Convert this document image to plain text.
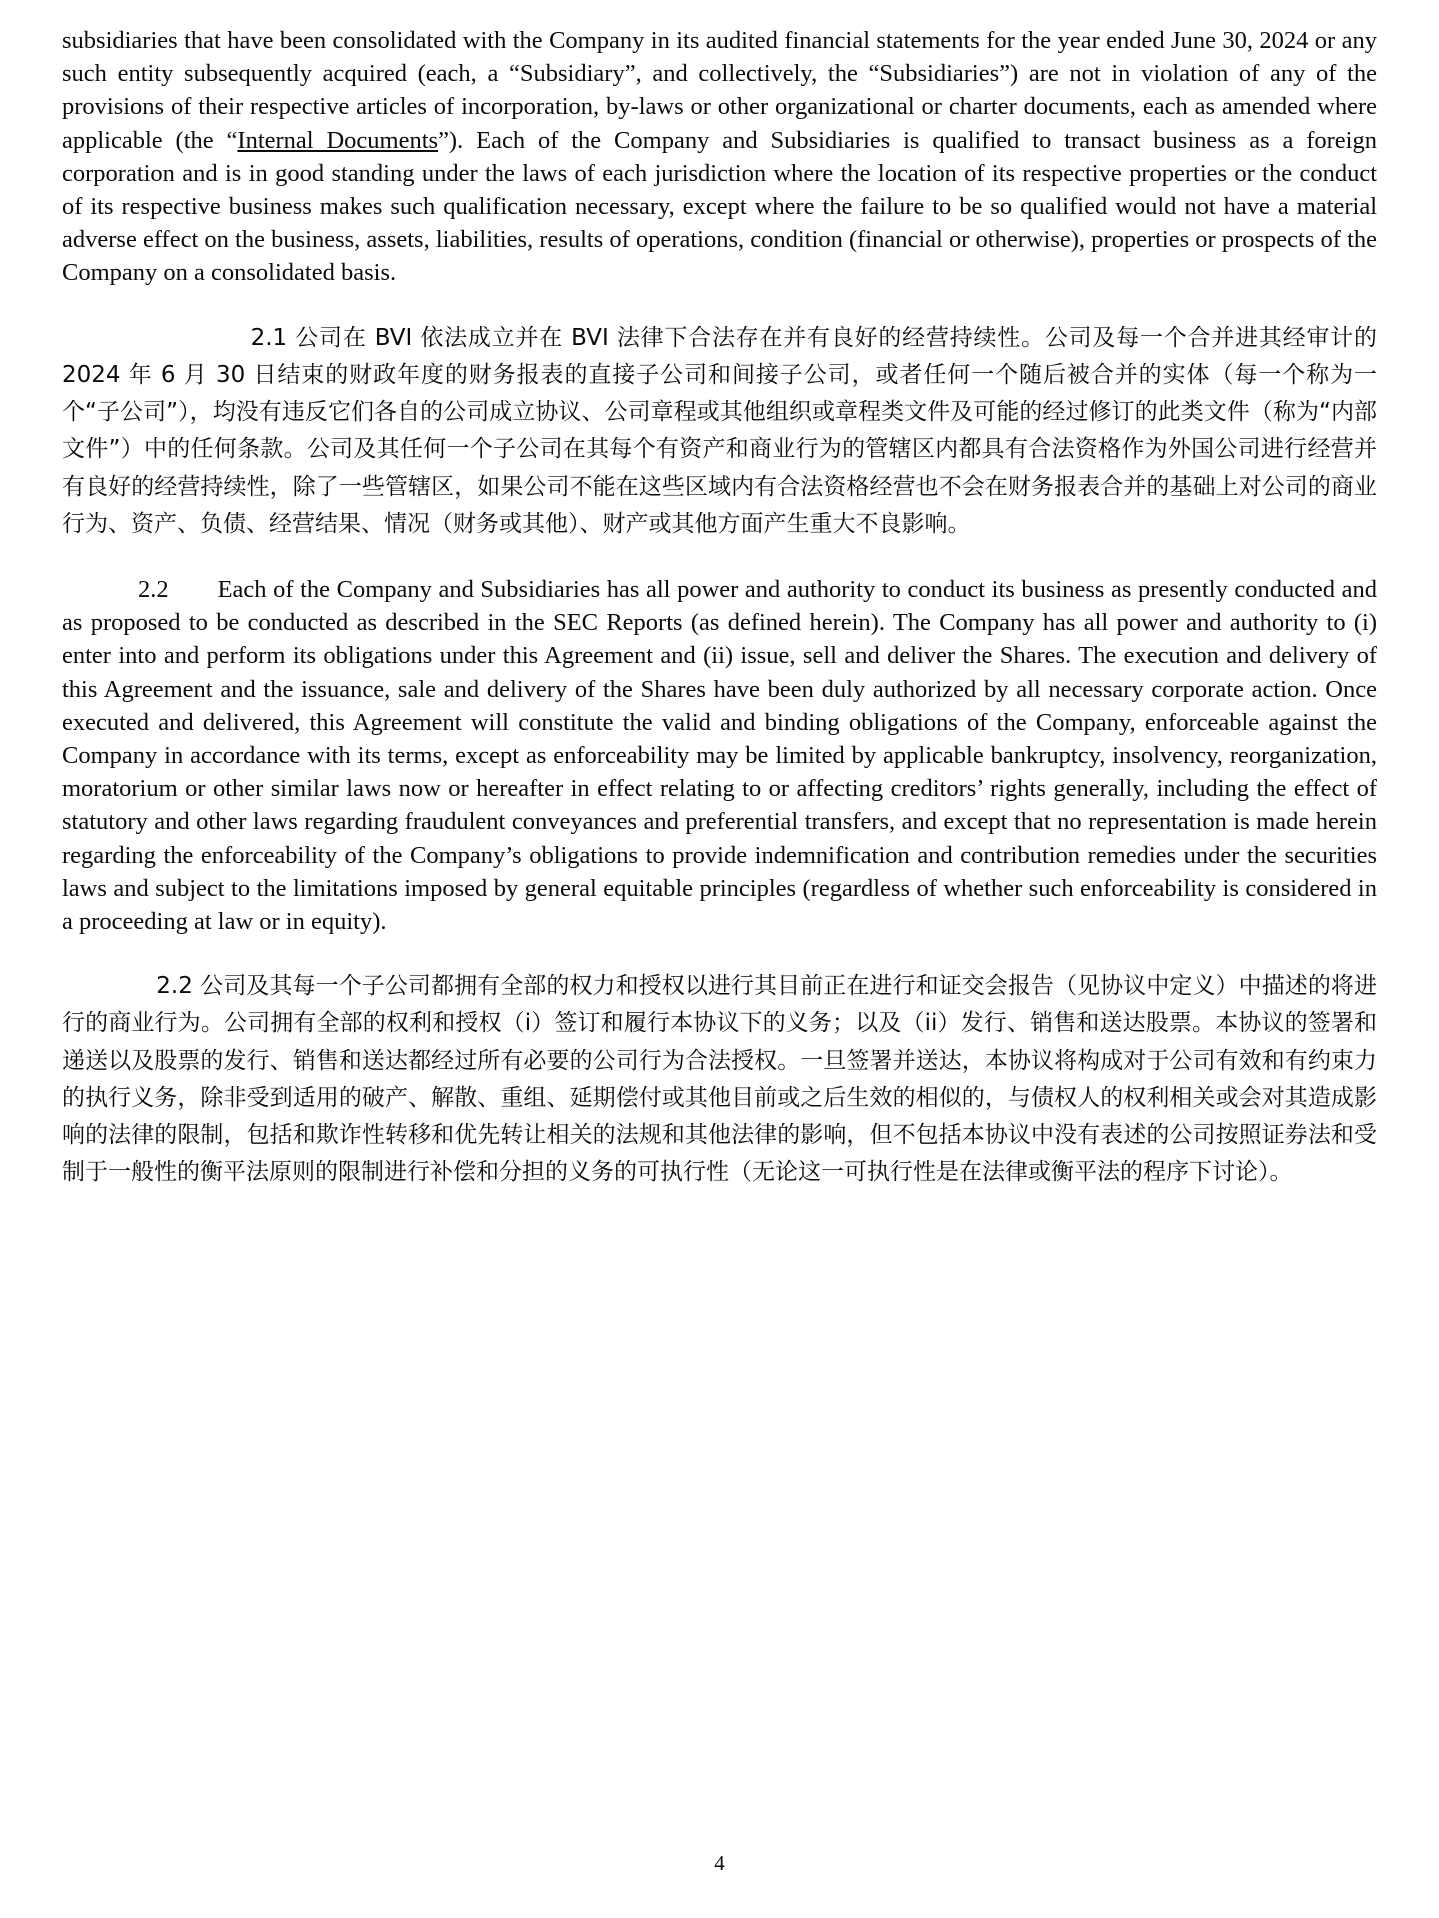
subsidiaries that have been consolidated with the Company in its audited financial statements for the year ended June 30, 2024 or any such entity subsequently acquired (each, a “Subsidiary”, and collectively, the “Subsidiaries”) are not in violation of any of the provisions of their respective articles of incorporation, by-laws or other organizational or charter documents, each as amended where applicable (the “Internal Documents”). Each of the Company and Subsidiaries is qualified to transact business as a foreign corporation and is in good standing under the laws of each jurisdiction where the location of its respective properties or the conduct of its respective business makes such qualification necessary, except where the failure to be so qualified would not have a material adverse effect on the business, assets, liabilities, results of operations, condition (financial or otherwise), properties or prospects of the Company on a consolidated basis.

2.1 公司在 BVI 依法成立并在 BVI 法律下合法存在并有良好的经营持续性。公司及每一个合并进其经审计的 2024 年 6 月 30 日结束的财政年度的财务报表的直接子公司和间接子公司，或者任何一个随后被合并的实体（每一个称为一个“子公司”），均没有违反它们各自的公司成立协议、公司章程或其他组织或章程类文件及可能的经过修订的此类文件（称为“内部文件”）中的任何条款。公司及其任何一个子公司在其每个有资产和商业行为的管辖区内都具有合法资格作为外国公司进行经营并有良好的经营持续性，除了一些管辖区，如果公司不能在这些区域内有合法资格经营也不会在财务报表合并的基础上对公司的商业行为、资产、负债、经营结果、情况（财务或其他）、财产或其他方面产生重大不良影响。

2.2  Each of the Company and Subsidiaries has all power and authority to conduct its business as presently conducted and as proposed to be conducted as described in the SEC Reports (as defined herein). The Company has all power and authority to (i) enter into and perform its obligations under this Agreement and (ii) issue, sell and deliver the Shares. The execution and delivery of this Agreement and the issuance, sale and delivery of the Shares have been duly authorized by all necessary corporate action. Once executed and delivered, this Agreement will constitute the valid and binding obligations of the Company, enforceable against the Company in accordance with its terms, except as enforceability may be limited by applicable bankruptcy, insolvency, reorganization, moratorium or other similar laws now or hereafter in effect relating to or affecting creditors’ rights generally, including the effect of statutory and other laws regarding fraudulent conveyances and preferential transfers, and except that no representation is made herein regarding the enforceability of the Company’s obligations to provide indemnification and contribution remedies under the securities laws and subject to the limitations imposed by general equitable principles (regardless of whether such enforceability is considered in a proceeding at law or in equity).

2.2 公司及其每一个子公司都拥有全部的权力和授权以进行其目前正在进行和证交会报告（见协议中定义）中描述的将进行的商业行为。公司拥有全部的权利和授权（i）签订和履行本协议下的义务；以及（ii）发行、销售和送达股票。本协议的签署和递送以及股票的发行、销售和送达都经过所有必要的公司行为合法授权。一旦签署并送达，本协议将构成对于公司有效和有约束力的执行义务，除非受到适用的破产、解散、重组、延期偿付或其他目前或之后生效的相似的，与债权人的权利相关或会对其造成影响的法律的限制，包括和欺诈性转移和优先转让相关的法规和其他法律的影响，但不包括本协议中没有表述的公司按照证券法和受制于一般性的衡平法原则的限制进行补偿和分担的义务的可执行性（无论这一可执行性是在法律或衡平法的程序下讨论）。

4
